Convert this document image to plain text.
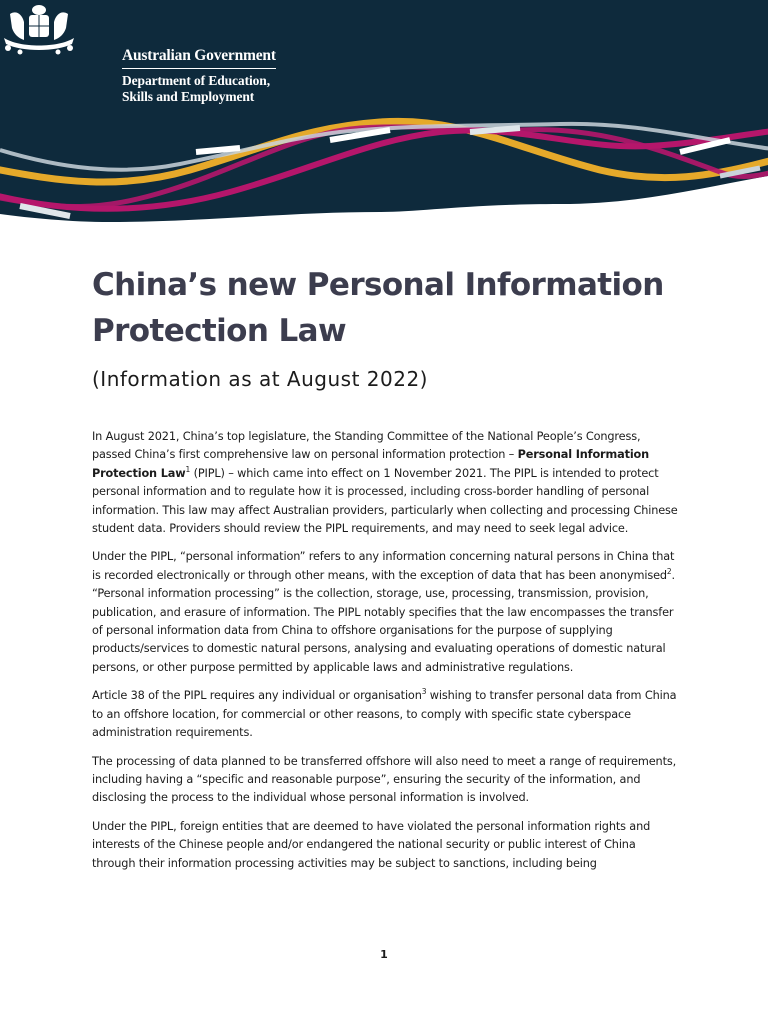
Australian Government
Department of Education,
Skills and Employment
China’s new Personal Information
Protection Law
(Information as at August 2022)

In August 2021, China’s top legislature, the Standing Committee of the National People’s Congress, passed China’s first comprehensive law on personal information protection – Personal Information Protection Law$^1$ (PIPL) – which came into effect on 1 November 2021. The PIPL is intended to protect personal information and to regulate how it is processed, including cross-border handling of personal information. This law may affect Australian providers, particularly when collecting and processing Chinese student data. Providers should review the PIPL requirements, and may need to seek legal advice.

Under the PIPL, “personal information” refers to any information concerning natural persons in China that is recorded electronically or through other means, with the exception of data that has been anonymised$^2$. “Personal information processing” is the collection, storage, use, processing, transmission, provision, publication, and erasure of information. The PIPL notably specifies that the law encompasses the transfer of personal information data from China to offshore organisations for the purpose of supplying products/services to domestic natural persons, analysing and evaluating operations of domestic natural persons, or other purpose permitted by applicable laws and administrative regulations.

Article 38 of the PIPL requires any individual or organisation$^3$ wishing to transfer personal data from China to an offshore location, for commercial or other reasons, to comply with specific state cyberspace administration requirements.

The processing of data planned to be transferred offshore will also need to meet a range of requirements, including having a “specific and reasonable purpose”, ensuring the security of the information, and disclosing the process to the individual whose personal information is involved.

Under the PIPL, foreign entities that are deemed to have violated the personal information rights and interests of the Chinese people and/or endangered the national security or public interest of China through their information processing activities may be subject to sanctions, including being

1
